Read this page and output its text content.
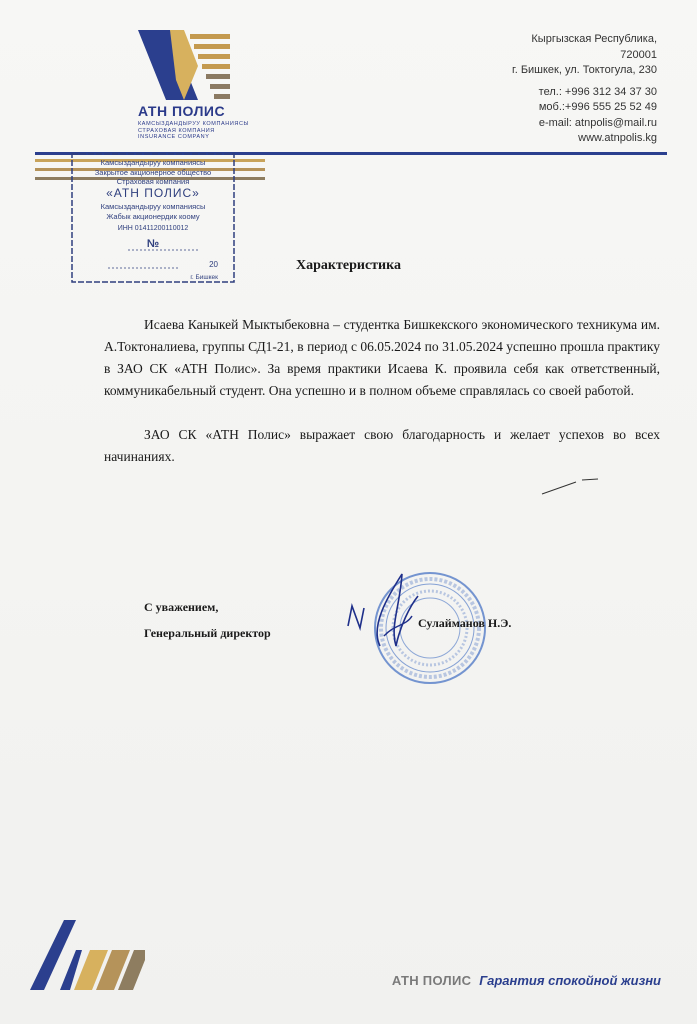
АТН ПОЛИС
КАМСЫЗДАНДЫРУУ КОМПАНИЯСЫ
СТРАХОВАЯ КОМПАНИЯ
INSURANCE COMPANY
Кыргызская Республика,
720001
г. Бишкек, ул. Токтогула, 230
тел.: +996 312 34 37 30
моб.:+996 555 25 52 49
e-mail: atnpolis@mail.ru
www.atnpolis.kg
Камсыздандыруу компаниясы
Закрытое акционерное общество
Страховая компания
«АТН ПОЛИС»
Камсыздандыруу компаниясы
Жабык акционердик коому
ИНН 01411200110012
№
20
г. Бишкек
Характеристика

Исаева Каныкей Мыктыбековна – студентка Бишкекского экономического техникума им. А.Токтоналиева, группы СД1-21, в период с 06.05.2024 по 31.05.2024 успешно прошла практику в ЗАО СК «АТН Полис». За время практики Исаева К. проявила себя как ответственный, коммуникабельный студент. Она успешно и в полном объеме справлялась со своей работой.

ЗАО СК «АТН Полис» выражает свою благодарность и желает успехов во всех начинаниях.

С уважением,
Генеральный директор
Сулайманов Н.Э.
АТН ПОЛИС Гарантия спокойной жизни
